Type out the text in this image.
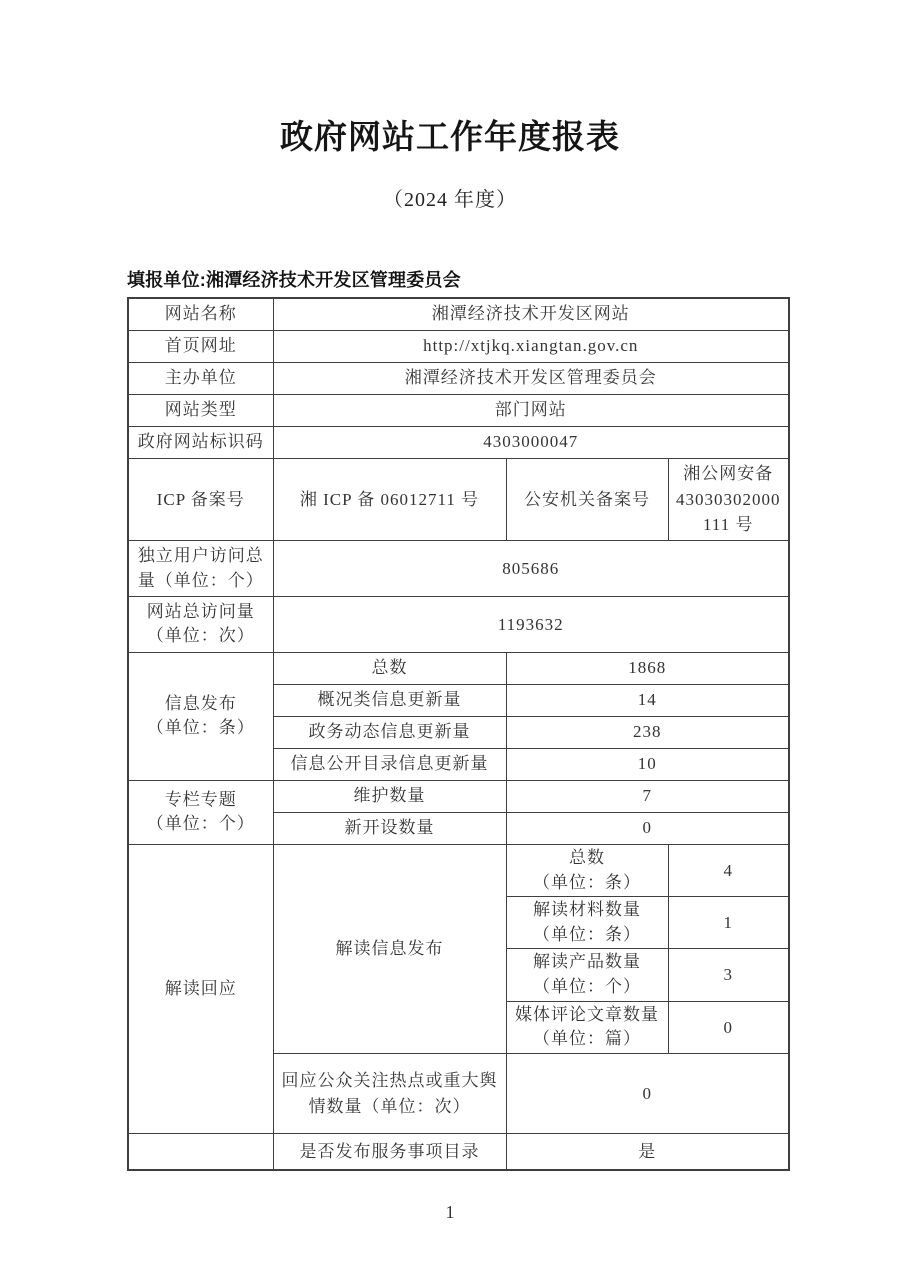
政府网站工作年度报表
（2024 年度）
填报单位:湘潭经济技术开发区管理委员会
网站名称	湘潭经济技术开发区网站		
首页网址	http://xtjkq.xiangtan.gov.cn		
主办单位	湘潭经济技术开发区管理委员会		
网站类型	部门网站		
政府网站标识码	4303000047		
ICP 备案号	湘 ICP 备 06012711 号	公安机关备案号	湘公网安备 43030302000 111 号
独立用户访问总量（单位：个）	805686		

网站总访问量
（单位：次）	1193632		

信息发布
（单位：条）	总数	1868	
	概况类信息更新量	14	
	政务动态信息更新量	238	
	信息公开目录信息更新量	10	

专栏专题
（单位：个）	维护数量	7	
	新开设数量	0	
解读回应	解读信息发布	总数
（单位：条）	4

		解读材料数量
（单位：条）	1

		解读产品数量
（单位：个）	3

		媒体评论文章数量
（单位：篇）	0
	回应公众关注热点或重大舆情数量（单位：次）	0	
	是否发布服务事项目录	是	
1
